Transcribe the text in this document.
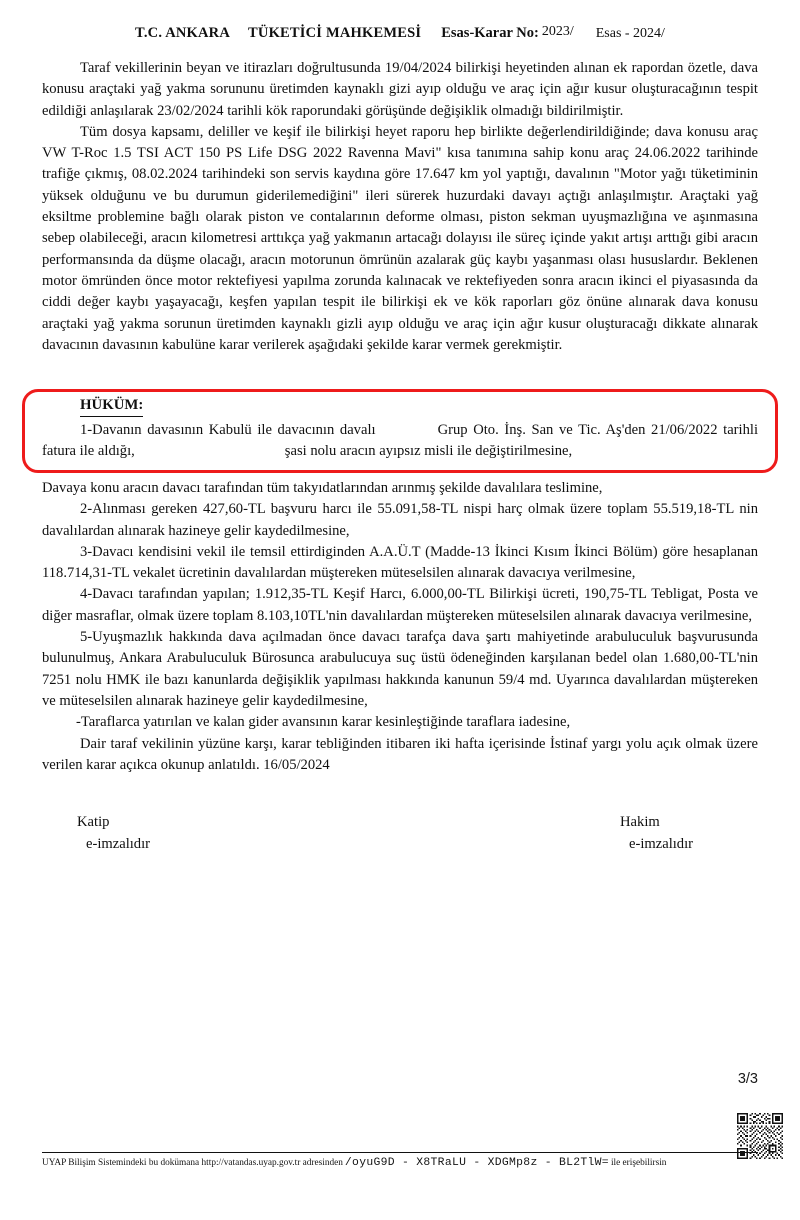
T.C. ANKARA TÜKETİCİ MAHKEMESİ Esas-Karar No: 2023/ Esas - 2024/

Taraf vekillerinin beyan ve itirazları doğrultusunda 19/04/2024 bilirkişi heyetinden alınan ek rapordan özetle, dava konusu araçtaki yağ yakma sorununu üretimden kaynaklı gizi ayıp olduğu ve araç için ağır kusur oluşturacağının tespit edildiği anlaşılarak 23/02/2024 tarihli kök raporundaki görüşünde değişiklik olmadığı bildirilmiştir.

Tüm dosya kapsamı, deliller ve keşif ile bilirkişi heyet raporu hep birlikte değerlendirildiğinde; dava konusu araç VW T-Roc 1.5 TSI ACT 150 PS Life DSG 2022 Ravenna Mavi" kısa tanımına sahip konu araç 24.06.2022 tarihinde trafiğe çıkmış, 08.02.2024 tarihindeki son servis kaydına göre 17.647 km yol yaptığı, davalının "Motor yağı tüketiminin yüksek olduğunu ve bu durumun giderilemediğini" ileri sürerek huzurdaki davayı açtığı anlaşılmıştır. Araçtaki yağ eksiltme problemine bağlı olarak piston ve contalarının deforme olması, piston sekman uyuşmazlığına ve aşınmasına sebep olabileceği, aracın kilometresi arttıkça yağ yakmanın artacağı dolayısı ile süreç içinde yakıt artışı arttığı gibi aracın performansında da düşme olacağı, aracın motorunun ömrünün azalarak güç kaybı yaşanması olası hususlardır. Beklenen motor ömründen önce motor rektefiyesi yapılma zorunda kalınacak ve rektefiyeden sonra aracın ikinci el piyasasında da ciddi değer kaybı yaşayacağı, keşfen yapılan tespit ile bilirkişi ek ve kök raporları göz önüne alınarak dava konusu araçtaki yağ yakma sorunun üretimden kaynaklı gizli ayıp olduğu ve araç için ağır kusur oluşturacağı dikkate alınarak davacının davasının kabulüne karar verilerek aşağıdaki şekilde karar vermek gerekmiştir.

HÜKÜM:
1-Davanın davasının Kabulü ile davacının davalı	Grup Oto. İnş. San ve Tic. Aş'den 21/06/2022 tarihli fatura ile aldığı,	şasi nolu aracın ayıpsız misli ile değiştirilmesine,

Davaya konu aracın davacı tarafından tüm takyıdatlarından arınmış şekilde davalılara teslimine,

2-Alınması gereken 427,60-TL başvuru harcı ile 55.091,58-TL nispi harç olmak üzere toplam 55.519,18-TL nin davalılardan alınarak hazineye gelir kaydedilmesine,

3-Davacı kendisini vekil ile temsil ettirdiginden A.A.Ü.T (Madde-13 İkinci Kısım İkinci Bölüm) göre hesaplanan 118.714,31-TL vekalet ücretinin davalılardan müştereken müteselsilen alınarak davacıya verilmesine,

4-Davacı tarafından yapılan; 1.912,35-TL Keşif Harcı, 6.000,00-TL Bilirkişi ücreti, 190,75-TL Tebligat, Posta ve diğer masraflar, olmak üzere toplam 8.103,10TL'nin davalılardan müştereken müteselsilen alınarak davacıya verilmesine,

5-Uyuşmazlık hakkında dava açılmadan önce davacı tarafça dava şartı mahiyetinde arabuluculuk başvurusunda bulunulmuş, Ankara Arabuluculuk Bürosunca arabulucuya suç üstü ödeneğinden karşılanan bedel olan 1.680,00-TL'nin 7251 nolu HMK ile bazı kanunlarda değişiklik yapılması hakkında kanunun 59/4 md. Uyarınca davalılardan müştereken ve müteselsilen alınarak hazineye gelir kaydedilmesine,

-Taraflarca yatırılan ve kalan gider avansının karar kesinleştiğinde taraflara iadesine,

Dair taraf vekilinin yüzüne karşı, karar tebliğinden itibaren iki hafta içerisinde İstinaf yargı yolu açık olmak üzere verilen karar açıkca okunup anlatıldı. 16/05/2024

Katip
e-imzalıdır
Hakim
e-imzalıdır
3/3
UYAP Bilişim Sistemindeki bu dokümana http://vatandas.uyap.gov.tr adresinden /oyuG9D - X8TRaLU - XDGMp8z - BL2TlW= ile erişebilirsin
